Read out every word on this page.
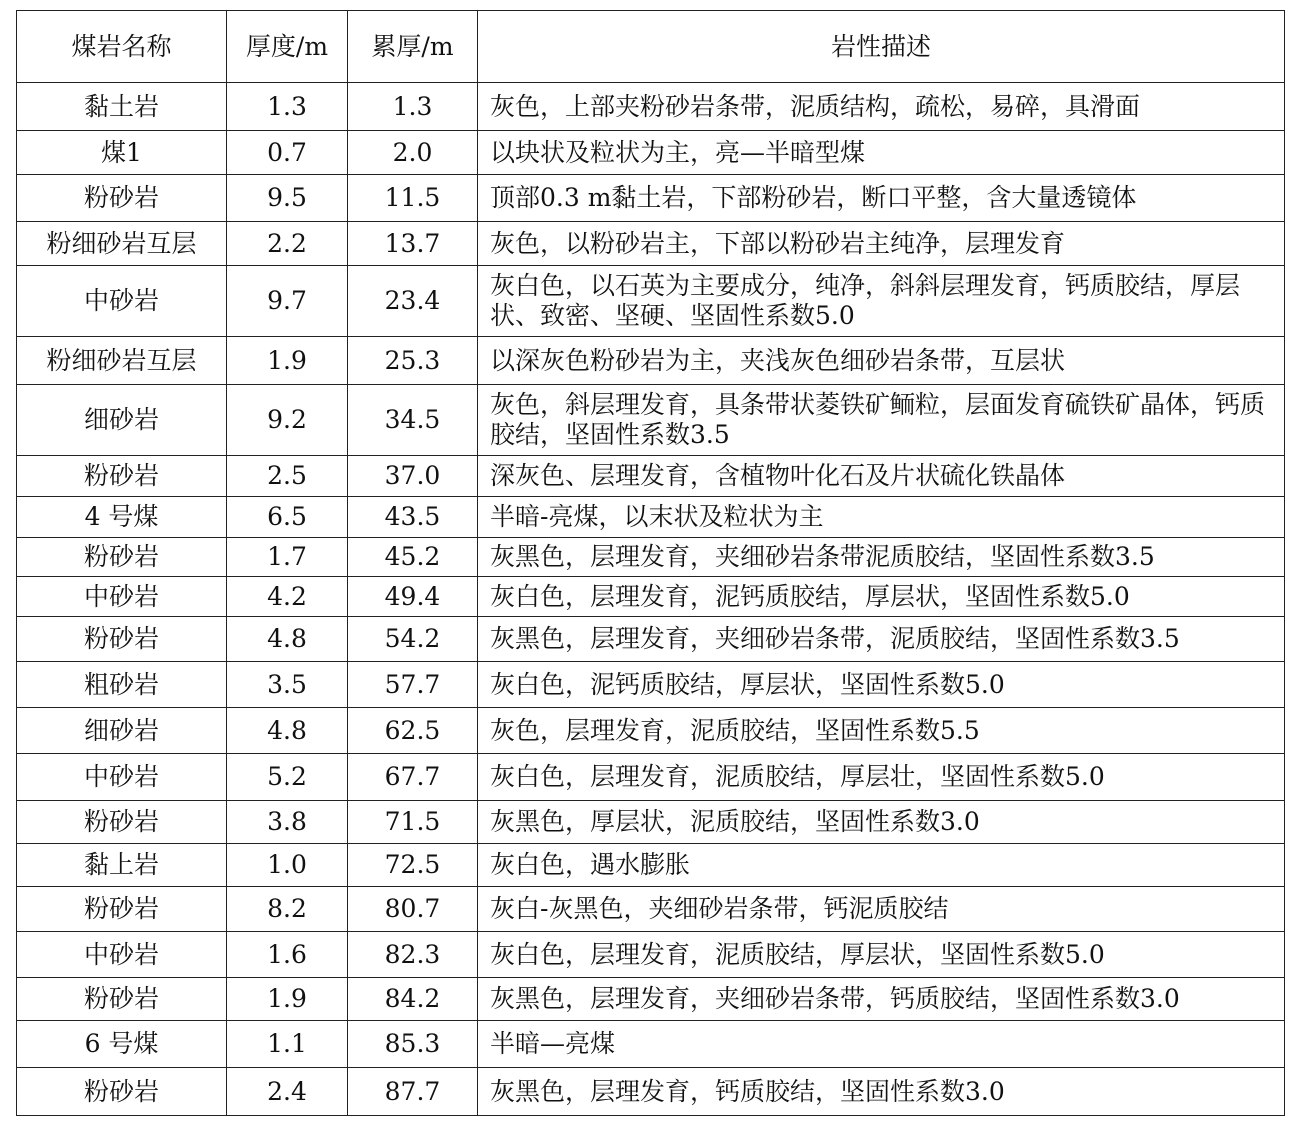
煤岩名称	厚度/m	累厚/m	岩性描述
黏土岩	1.3	1.3	灰色，上部夹粉砂岩条带，泥质结构，疏松，易碎，具滑面
煤1	0.7	2.0	以块状及粒状为主，亮—半暗型煤
粉砂岩	9.5	11.5	顶部0.3 m黏土岩，下部粉砂岩，断口平整，含大量透镜体
粉细砂岩互层	2.2	13.7	灰色，以粉砂岩主，下部以粉砂岩主纯净，层理发育
中砂岩	9.7	23.4	灰白色，以石英为主要成分，纯净，斜斜层理发育，钙质胶结，厚层状、致密、坚硬、坚固性系数5.0
粉细砂岩互层	1.9	25.3	以深灰色粉砂岩为主，夹浅灰色细砂岩条带，互层状
细砂岩	9.2	34.5	灰色，斜层理发育，具条带状菱铁矿鲕粒，层面发育硫铁矿晶体，钙质胶结，坚固性系数3.5
粉砂岩	2.5	37.0	深灰色、层理发育，含植物叶化石及片状硫化铁晶体
4 号煤	6.5	43.5	半暗-亮煤，以末状及粒状为主
粉砂岩	1.7	45.2	灰黑色，层理发育，夹细砂岩条带泥质胶结，坚固性系数3.5
中砂岩	4.2	49.4	灰白色，层理发育，泥钙质胶结，厚层状，坚固性系数5.0
粉砂岩	4.8	54.2	灰黑色，层理发育，夹细砂岩条带，泥质胶结，坚固性系数3.5
粗砂岩	3.5	57.7	灰白色，泥钙质胶结，厚层状，坚固性系数5.0
细砂岩	4.8	62.5	灰色，层理发育，泥质胶结，坚固性系数5.5
中砂岩	5.2	67.7	灰白色，层理发育，泥质胶结，厚层壮，坚固性系数5.0
粉砂岩	3.8	71.5	灰黑色，厚层状，泥质胶结，坚固性系数3.0
黏上岩	1.0	72.5	灰白色，遇水膨胀
粉砂岩	8.2	80.7	灰白-灰黑色，夹细砂岩条带，钙泥质胶结
中砂岩	1.6	82.3	灰白色，层理发育，泥质胶结，厚层状，坚固性系数5.0
粉砂岩	1.9	84.2	灰黑色，层理发育，夹细砂岩条带，钙质胶结，坚固性系数3.0
6 号煤	1.1	85.3	半暗—亮煤
粉砂岩	2.4	87.7	灰黑色，层理发育，钙质胶结，坚固性系数3.0
